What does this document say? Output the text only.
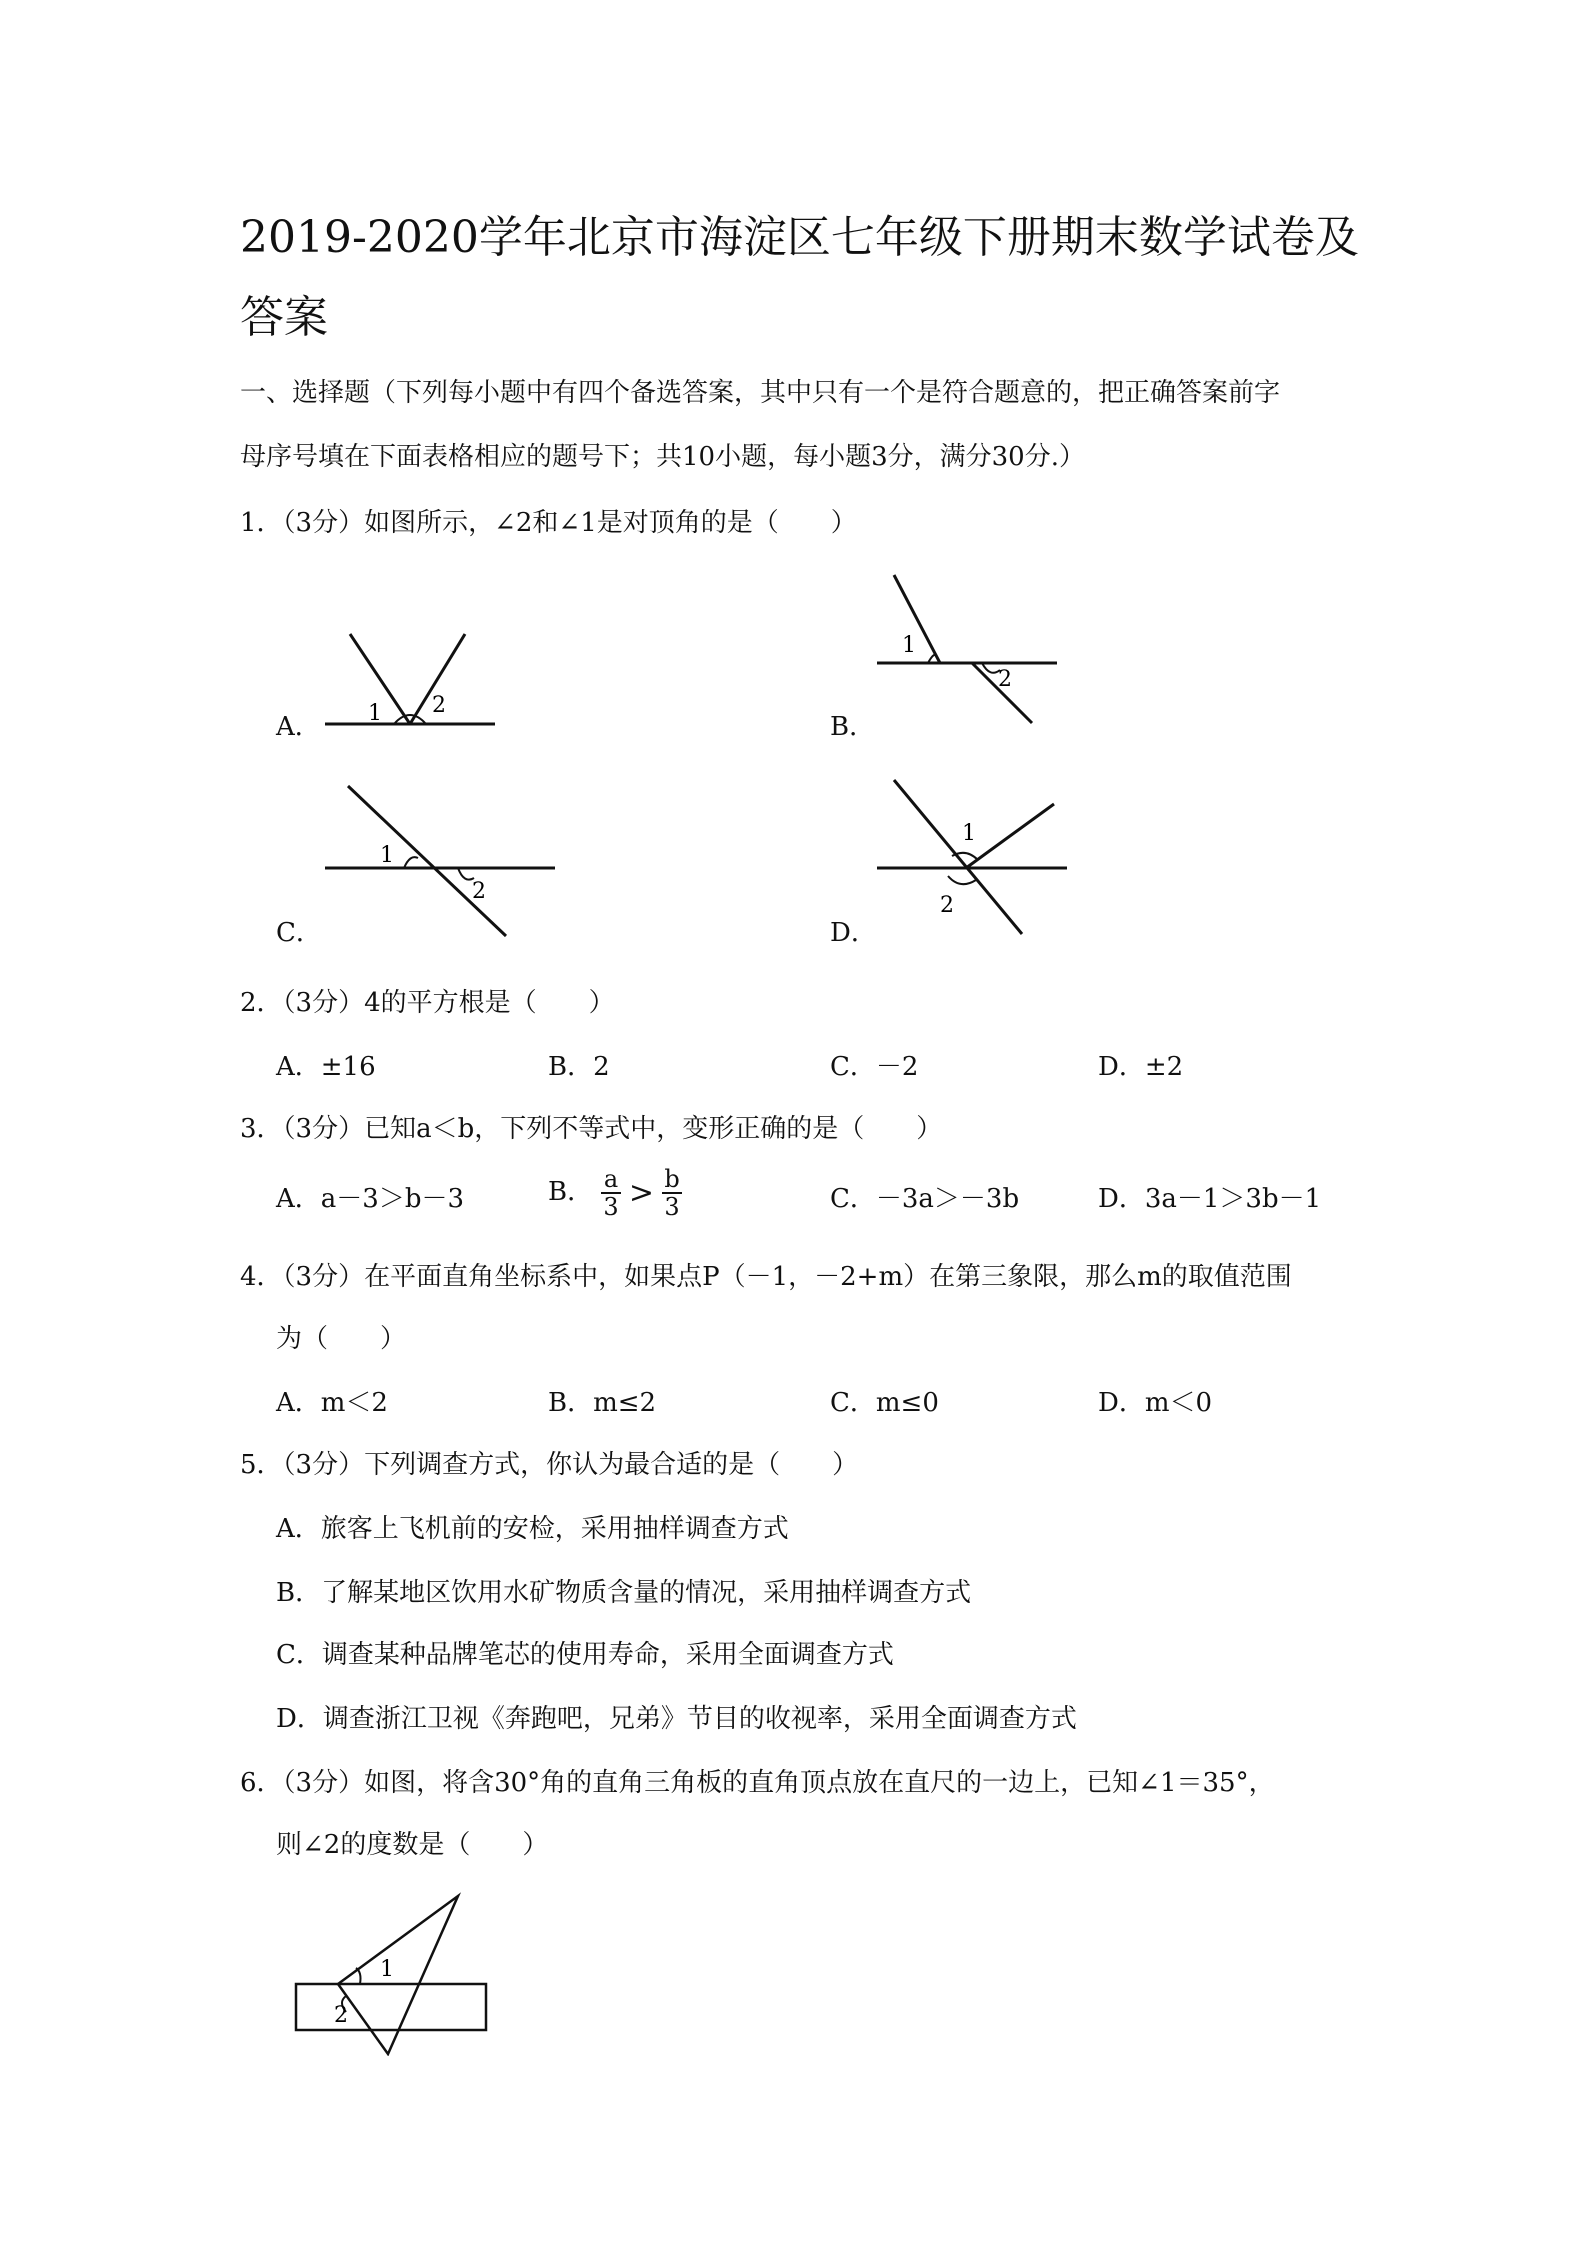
2019-2020学年北京市海淀区七年级下册期末数学试卷及答案
一、选择题（下列每小题中有四个备选答案，其中只有一个是符合题意的，把正确答案前字
母序号填在下面表格相应的题号下；共10小题，每小题3分，满分30分.）
1．（3分）如图所示，∠2和∠1是对顶角的是（　　）
A． 1 2
B．
1
2
C．
1
2
D．
1
2
2．（3分）4的平方根是（　　）
A．±16	B．2	C．－2	D．±2
3．（3分）已知a＜b，下列不等式中，变形正确的是（　　）
A．a－3＞b－3	B． $\frac{a}{3} > \frac{b}{3}$	C．－3a＞－3b	D．3a－1＞3b－1
4．（3分）在平面直角坐标系中，如果点P（－1，－2+m）在第三象限，那么m的取值范围
为（　　）
A．m＜2	B．m≤2	C．m≤0	D．m＜0
5．（3分）下列调查方式，你认为最合适的是（　　）
A．旅客上飞机前的安检，采用抽样调查方式
B．了解某地区饮用水矿物质含量的情况，采用抽样调查方式
C．调查某种品牌笔芯的使用寿命，采用全面调查方式
D．调查浙江卫视《奔跑吧，兄弟》节目的收视率，采用全面调查方式
6．（3分）如图，将含30°角的直角三角板的直角顶点放在直尺的一边上，已知∠1＝35°，
则∠2的度数是（　　）
1
2
